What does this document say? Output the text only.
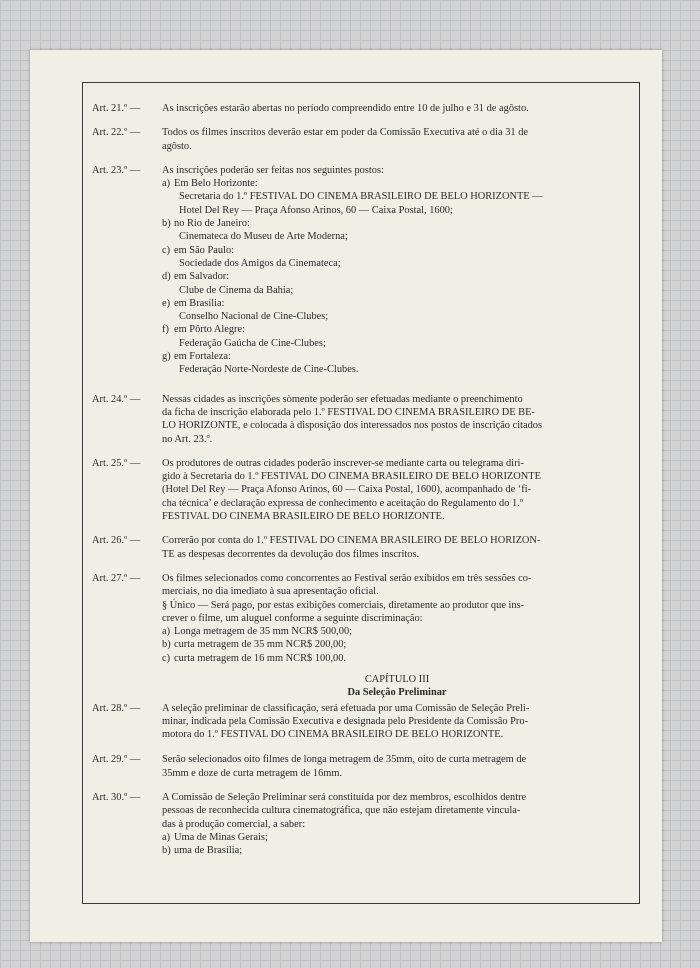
Art. 21.º —	As inscrições estarão abertas no período compreendido entre 10 de julho e 31 de agôsto.
Art. 22.º —	Todos os filmes inscritos deverão estar em poder da Comissão Executiva até o dia 31 de
agôsto.
Art. 23.º —	As inscrições poderão ser feitas nos seguintes postos:
a) Em Belo Horizonte:
Secretaria do 1.º FESTIVAL DO CINEMA BRASILEIRO DE BELO HORIZONTE —
Hotel Del Rey — Praça Afonso Arinos, 60 — Caixa Postal, 1600;
b) no Rio de Janeiro:
Cinemateca do Museu de Arte Moderna;
c) em São Paulo:
Sociedade dos Amigos da Cinemateca;
d) em Salvador:
Clube de Cinema da Bahia;
e) em Brasília:
Conselho Nacional de Cine-Clubes;
f) em Pôrto Alegre:
Federação Gaúcha de Cine-Clubes;
g) em Fortaleza:
Federação Norte-Nordeste de Cine-Clubes.
Art. 24.º —	Nessas cidades as inscrições sòmente poderão ser efetuadas mediante o preenchimento
da ficha de inscrição elaborada pelo 1.º FESTIVAL DO CINEMA BRASILEIRO DE BE-
LO HORIZONTE, e colocada à disposição dos interessados nos postos de inscrição citados
no Art. 23.º.
Art. 25.º —	Os produtores de outras cidades poderão inscrever-se mediante carta ou telegrama diri-
gido à Secretaria do 1.º FESTIVAL DO CINEMA BRASILEIRO DE BELO HORIZONTE
(Hotel Del Rey — Praça Afonso Arinos, 60 — Caixa Postal, 1600), acompanhado de ‘fi-
cha técnica’ e declaração expressa de conhecimento e aceitação do Regulamento do 1.º
FESTIVAL DO CINEMA BRASILEIRO DE BELO HORIZONTE.
Art. 26.º —	Correrão por conta do 1.º FESTIVAL DO CINEMA BRASILEIRO DE BELO HORIZON-
TE as despesas decorrentes da devolução dos filmes inscritos.
Art. 27.º —	Os filmes selecionados como concorrentes ao Festival serão exibidos em três sessões co-
merciais, no dia imediato à sua apresentação oficial.
§ Único — Será pago, por estas exibições comerciais, diretamente ao produtor que ins-
crever o filme, um aluguel conforme a seguinte discriminação:
a) Longa metragem de 35 mm NCR$ 500,00;
b) curta metragem de 35 mm NCR$ 200,00;
c) curta metragem de 16 mm NCR$ 100,00.
CAPÍTULO III
Da Seleção Preliminar
Art. 28.º —	A seleção preliminar de classificação, será efetuada por uma Comissão de Seleção Preli-
minar, indicada pela Comissão Executiva e designada pelo Presidente da Comissão Pro-
motora do 1.º FESTIVAL DO CINEMA BRASILEIRO DE BELO HORIZONTE.
Art. 29.º —	Serão selecionados oito filmes de longa metragem de 35mm, oito de curta metragem de
35mm e doze de curta metragem de 16mm.
Art. 30.º —	A Comissão de Seleção Preliminar será constituída por dez membros, escolhidos dentre
pessoas de reconhecida cultura cinematográfica, que não estejam diretamente vincula-
das à produção comercial, a saber:
a) Uma de Minas Gerais;
b) uma de Brasília;
